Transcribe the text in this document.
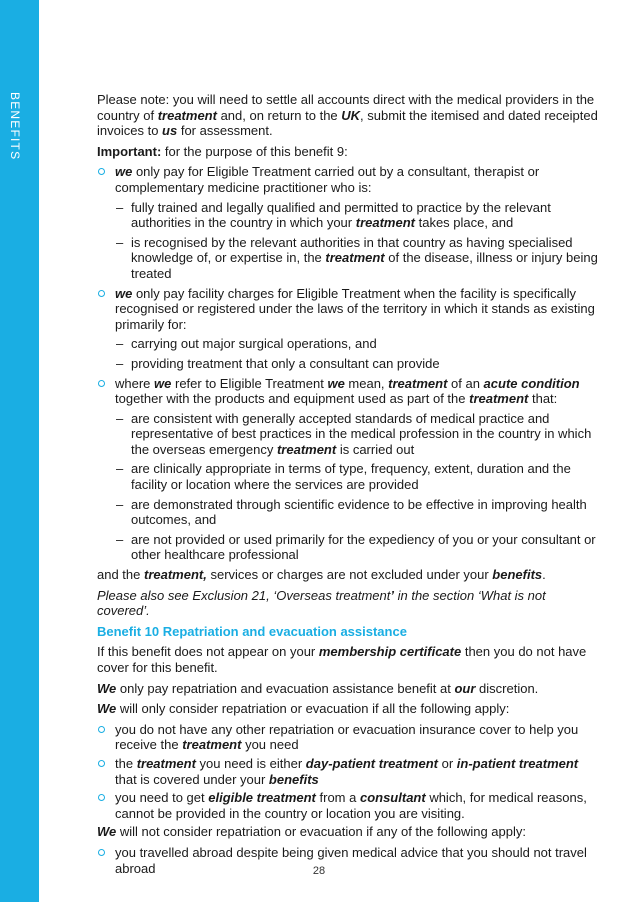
BENEFITS	Please note: you will need to settle all accounts direct with the medical providers in the country of treatment and, on return to the UK, submit the itemised and dated receipted invoices to us for assessment.

Important: for the purpose of this benefit 9:

we only pay for Eligible Treatment carried out by a consultant, therapist or complementary medicine practitioner who is:
– fully trained and legally qualified and permitted to practice by the relevant authorities in the country in which your treatment takes place, and
– is recognised by the relevant authorities in that country as having specialised knowledge of, or expertise in, the treatment of the disease, illness or injury being treated
we only pay facility charges for Eligible Treatment when the facility is specifically recognised or registered under the laws of the territory in which it stands as existing primarily for:
– carrying out major surgical operations, and
– providing treatment that only a consultant can provide
where we refer to Eligible Treatment we mean, treatment of an acute condition together with the products and equipment used as part of the treatment that:
– are consistent with generally accepted standards of medical practice and representative of best practices in the medical profession in the country in which the overseas emergency treatment is carried out
– are clinically appropriate in terms of type, frequency, extent, duration and the facility or location where the services are provided
– are demonstrated through scientific evidence to be effective in improving health outcomes, and
– are not provided or used primarily for the expediency of you or your consultant or other healthcare professional

and the treatment, services or charges are not excluded under your benefits.

Please also see Exclusion 21, ‘Overseas treatment’ in the section ‘What is not covered’.

Benefit 10 Repatriation and evacuation assistance

If this benefit does not appear on your membership certificate then you do not have cover for this benefit.

We only pay repatriation and evacuation assistance benefit at our discretion.

We will only consider repatriation or evacuation if all the following apply:

you do not have any other repatriation or evacuation insurance cover to help you receive the treatment you need
the treatment you need is either day-patient treatment or in-patient treatment that is covered under your benefits
you need to get eligible treatment from a consultant which, for medical reasons, cannot be provided in the country or location you are visiting.

We will not consider repatriation or evacuation if any of the following apply:

you travelled abroad despite being given medical advice that you should not travel abroad	28
